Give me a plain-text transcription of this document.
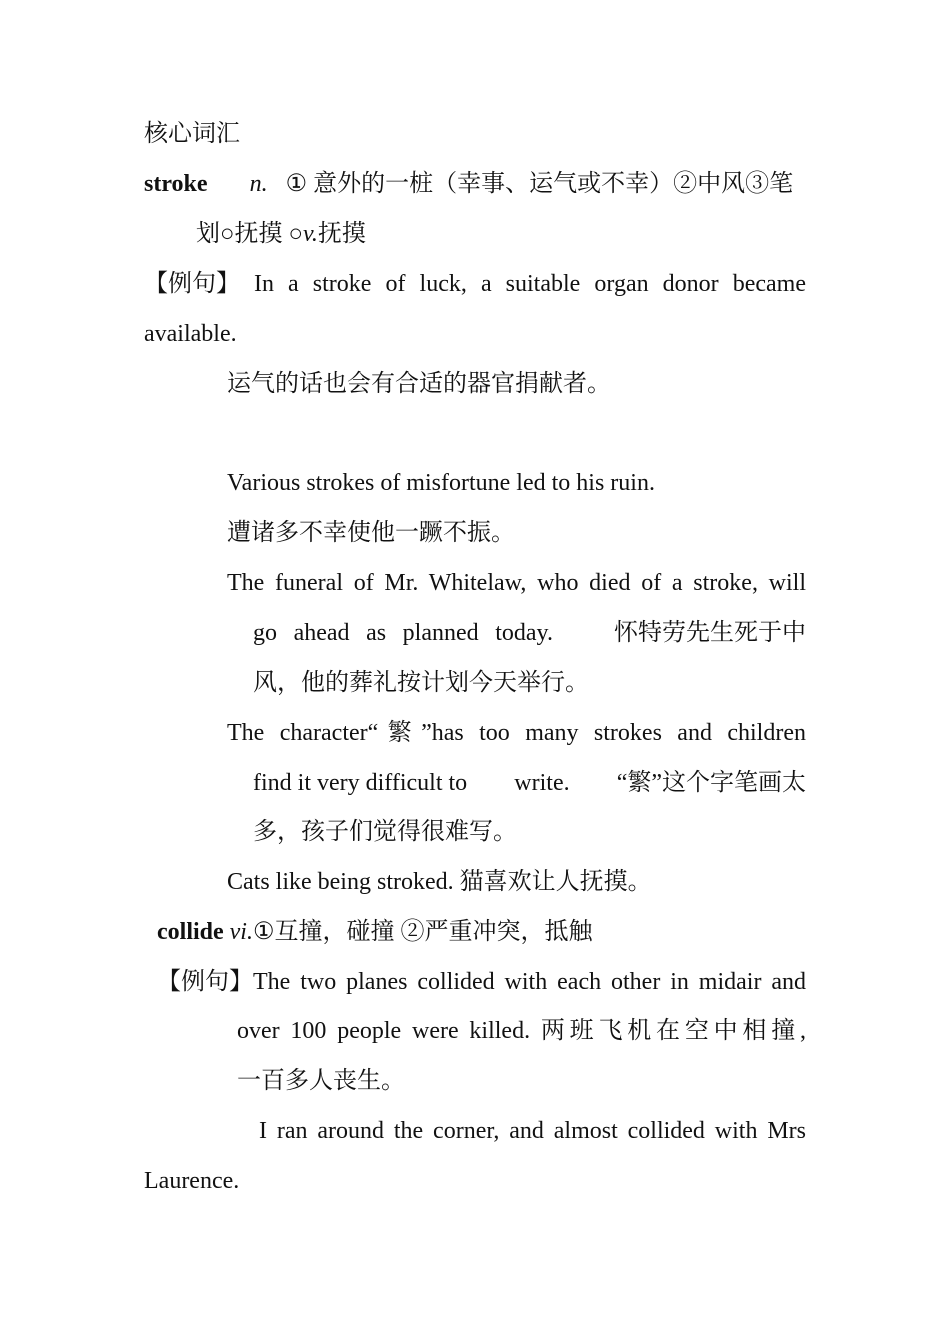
核心词汇
stroke n. ① 意外的一桩（幸事、运气或不幸）②中风③笔
划○抚摸 ○v.抚摸
【例句】 In a stroke of luck, a suitable organ donor became
available.
运气的话也会有合适的器官捐献者。
Various strokes of misfortune led to his ruin.
遭诸多不幸使他一蹶不振。
The funeral of Mr. Whitelaw, who died of a stroke, will
go ahead as planned today.	怀特劳先生死于中
风，他的葬礼按计划今天举行。
The character“繁”has too many strokes and children
find it very difficult to write. “繁”这个字笔画太
多，孩子们觉得很难写。
Cats like being stroked. 猫喜欢让人抚摸。
collide vi.①互撞，碰撞 ②严重冲突，抵触
【例句】 The two planes collided with each other in midair and
over 100 people were killed. 两班飞机在空中相撞,
一百多人丧生。
I ran around the corner, and almost collided with Mrs
Laurence.
